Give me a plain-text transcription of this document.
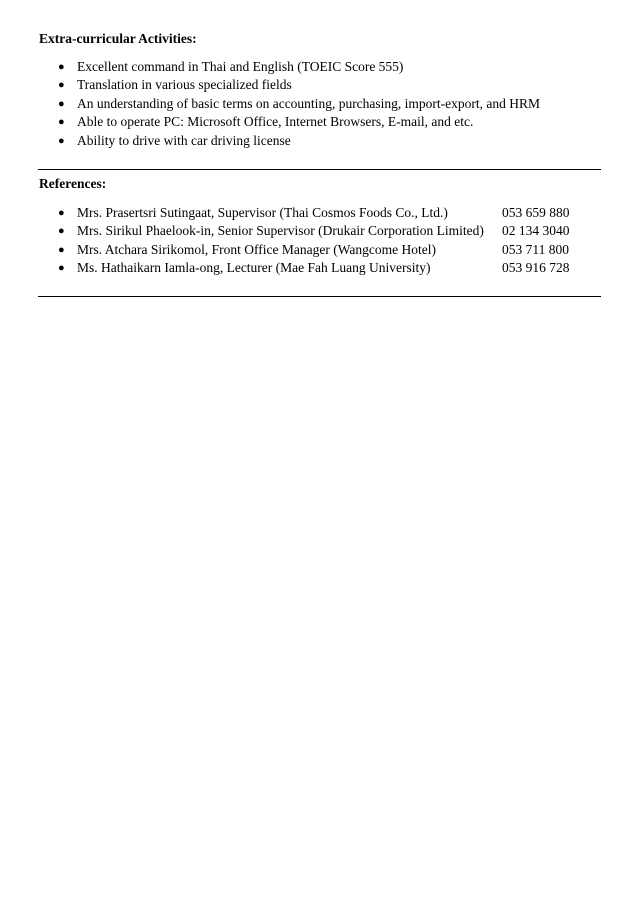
Extra-curricular Activities:
● Excellent command in Thai and English (TOEIC Score 555)
● Translation in various specialized fields
● An understanding of basic terms on accounting, purchasing, import-export, and HRM
● Able to operate PC: Microsoft Office, Internet Browsers, E-mail, and etc.
● Ability to drive with car driving license
References:
● Mrs. Prasertsri Sutingaat, Supervisor (Thai Cosmos Foods Co., Ltd.)	053 659 880
● Mrs. Sirikul Phaelook-in, Senior Supervisor (Drukair Corporation Limited) 02 134 3040
● Mrs. Atchara Sirikomol, Front Office Manager (Wangcome Hotel)	053 711 800
● Ms. Hathaikarn Iamla-ong, Lecturer (Mae Fah Luang University)	053 916 728
